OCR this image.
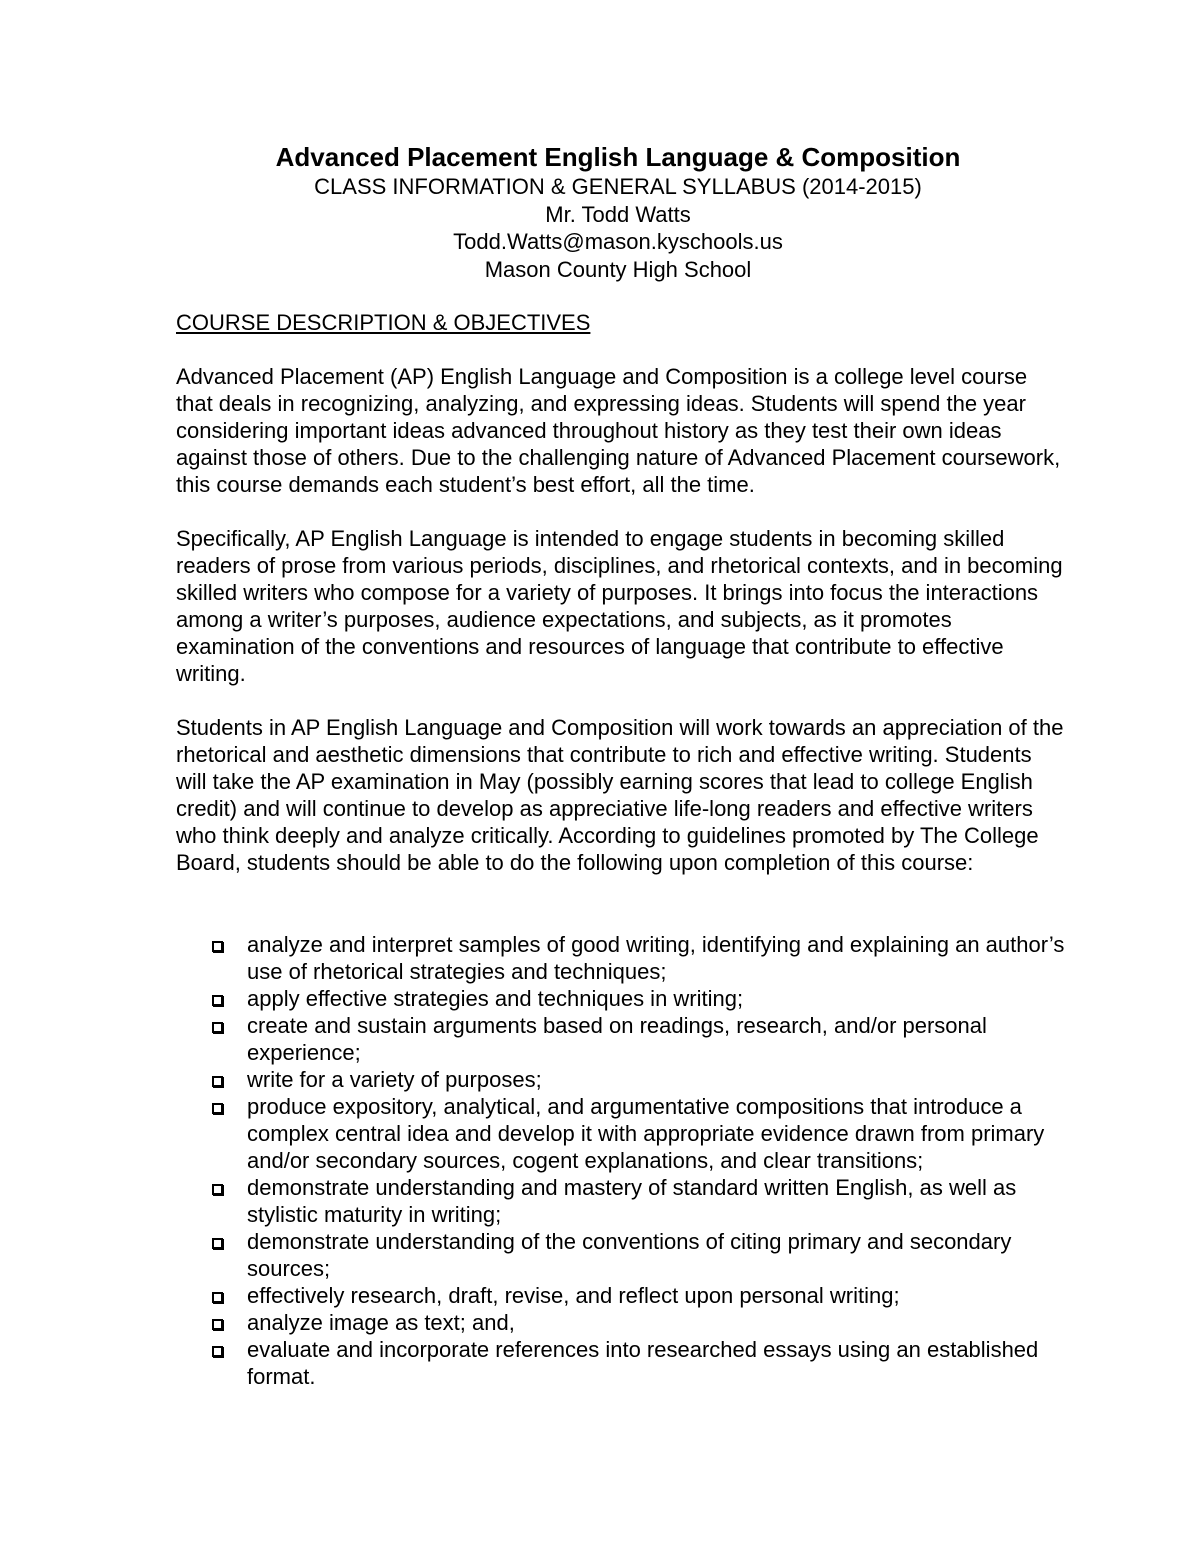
Advanced Placement English Language & Composition
CLASS INFORMATION & GENERAL SYLLABUS (2014-2015)
Mr. Todd Watts
Todd.Watts@mason.kyschools.us
Mason County High School
COURSE DESCRIPTION & OBJECTIVES

Advanced Placement (AP) English Language and Composition is a college level course that deals in recognizing, analyzing, and expressing ideas. Students will spend the year considering important ideas advanced throughout history as they test their own ideas against those of others. Due to the challenging nature of Advanced Placement coursework, this course demands each student’s best effort, all the time.

Specifically, AP English Language is intended to engage students in becoming skilled readers of prose from various periods, disciplines, and rhetorical contexts, and in becoming skilled writers who compose for a variety of purposes. It brings into focus the interactions among a writer’s purposes, audience expectations, and subjects, as it promotes examination of the conventions and resources of language that contribute to effective writing.

Students in AP English Language and Composition will work towards an appreciation of the rhetorical and aesthetic dimensions that contribute to rich and effective writing. Students will take the AP examination in May (possibly earning scores that lead to college English credit) and will continue to develop as appreciative life-long readers and effective writers who think deeply and analyze critically. According to guidelines promoted by The College Board, students should be able to do the following upon completion of this course:

analyze and interpret samples of good writing, identifying and explaining an author’s use of rhetorical strategies and techniques;
apply effective strategies and techniques in writing;
create and sustain arguments based on readings, research, and/or personal experience;
write for a variety of purposes;
produce expository, analytical, and argumentative compositions that introduce a complex central idea and develop it with appropriate evidence drawn from primary and/or secondary sources, cogent explanations, and clear transitions;
demonstrate understanding and mastery of standard written English, as well as stylistic maturity in writing;
demonstrate understanding of the conventions of citing primary and secondary sources;
effectively research, draft, revise, and reflect upon personal writing;
analyze image as text; and,
evaluate and incorporate references into researched essays using an established format.
